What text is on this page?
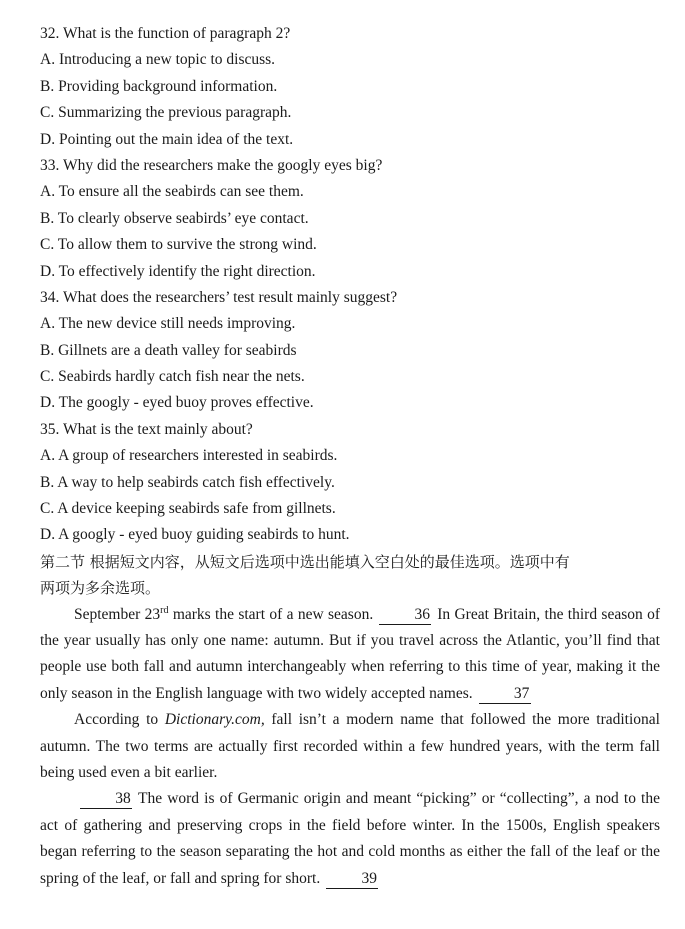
32. What is the function of paragraph 2?
A. Introducing a new topic to discuss.
B. Providing background information.
C. Summarizing the previous paragraph.
D. Pointing out the main idea of the text.
33. Why did the researchers make the googly eyes big?
A. To ensure all the seabirds can see them.
B. To clearly observe seabirds’ eye contact.
C. To allow them to survive the strong wind.
D. To effectively identify the right direction.
34. What does the researchers’ test result mainly suggest?
A. The new device still needs improving.
B. Gillnets are a death valley for seabirds
C. Seabirds hardly catch fish near the nets.
D. The googly - eyed buoy proves effective.
35. What is the text mainly about?
A. A group of researchers interested in seabirds.
B. A way to help seabirds catch fish effectively.
C. A device keeping seabirds safe from gillnets.
D. A googly - eyed buoy guiding seabirds to hunt.
第二节 根据短文内容，从短文后选项中选出能填入空白处的最佳选项。选项中有
两项为多余选项。

September 23rd marks the start of a new season.	36 In Great Britain, the third season of the year usually has only one name: autumn. But if you travel across the Atlantic, you’ll find that people use both fall and autumn interchangeably when referring to this time of year, making it the only season in the English language with two widely accepted names.	37

According to Dictionary.com, fall isn’t a modern name that followed the more traditional autumn. The two terms are actually first recorded within a few hundred years, with the term fall being used even a bit earlier.

38 The word is of Germanic origin and meant “picking” or “collecting”, a nod to the act of gathering and preserving crops in the field before winter. In the 1500s, English speakers began referring to the season separating the hot and cold months as either the fall of the leaf or the spring of the leaf, or fall and spring for short.	39
